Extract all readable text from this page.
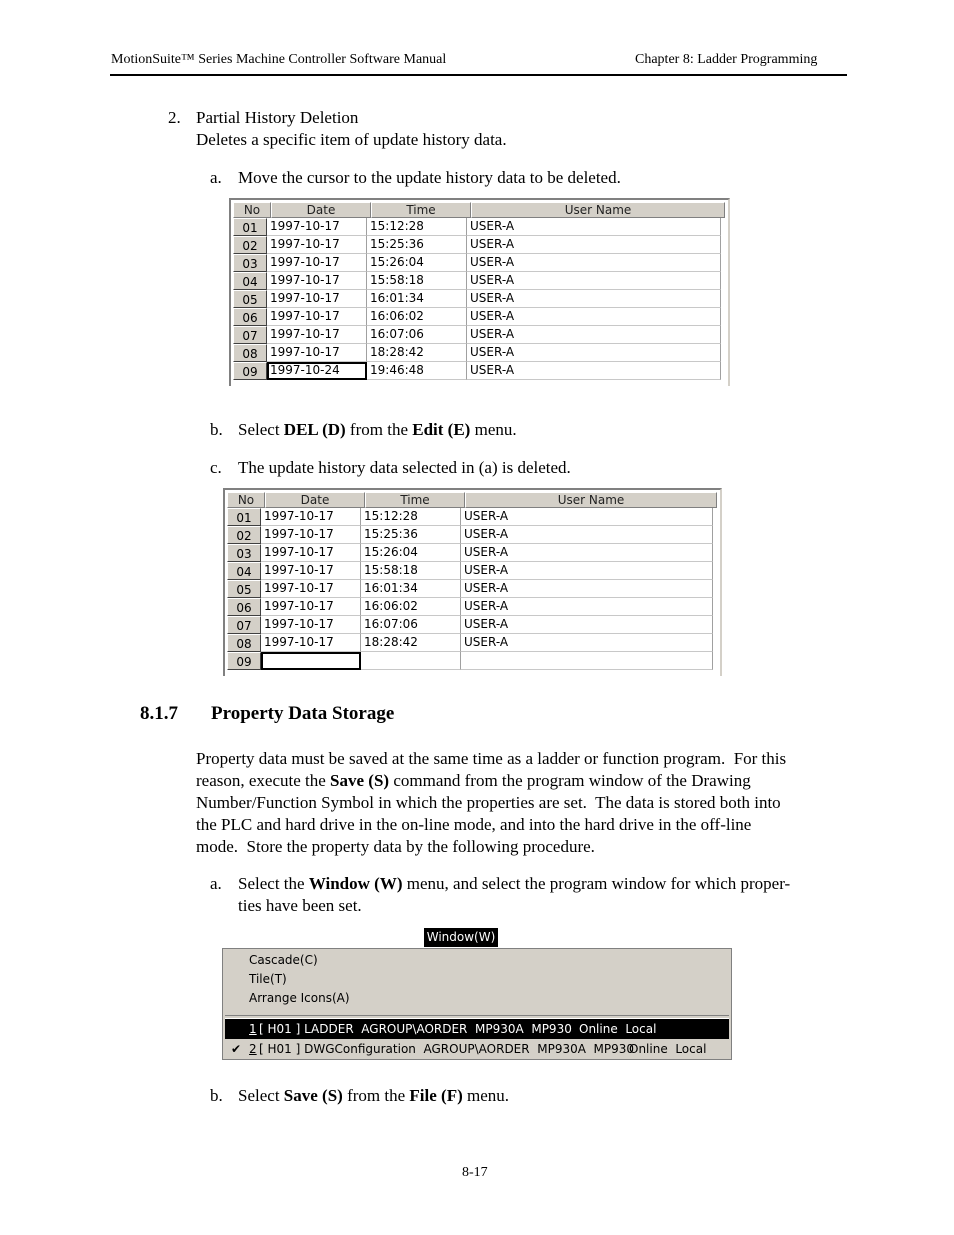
MotionSuite™ Series Machine Controller Software Manual	Chapter 8: Ladder Programming
2. Partial History Deletion
Deletes a specific item of update history data.
a. Move the cursor to the update history data to be deleted.
No	Date	Time	User Name
01	1997-10-17	15:12:28	USER-A
02	1997-10-17	15:25:36	USER-A
03	1997-10-17	15:26:04	USER-A
04	1997-10-17	15:58:18	USER-A
05	1997-10-17	16:01:34	USER-A
06	1997-10-17	16:06:02	USER-A
07	1997-10-17	16:07:06	USER-A
08	1997-10-17	18:28:42	USER-A
09	1997-10-24	19:46:48	USER-A
b. Select DEL (D) from the Edit (E) menu.
c. The update history data selected in (a) is deleted.
No	Date	Time	User Name
01	1997-10-17	15:12:28	USER-A
02	1997-10-17	15:25:36	USER-A
03	1997-10-17	15:26:04	USER-A
04	1997-10-17	15:58:18	USER-A
05	1997-10-17	16:01:34	USER-A
06	1997-10-17	16:06:02	USER-A
07	1997-10-17	16:07:06	USER-A
08	1997-10-17	18:28:42	USER-A
09
8.1.7 Property Data Storage
Property data must be saved at the same time as a ladder or function program.  For this
reason, execute the Save (S) command from the program window of the Drawing
Number/Function Symbol in which the properties are set.  The data is stored both into
the PLC and hard drive in the on-line mode, and into the hard drive in the off-line
mode.  Store the property data by the following procedure.
a. Select the Window (W) menu, and select the program window for which proper-
ties have been set.
Window(W)
Cascade(C)
Tile(T)
Arrange Icons(A)
1 [ H01 ] LADDER  AGROUP\AORDER  MP930A  MP930 Online  Local
✔ 2 [ H01 ] DWGConfiguration  AGROUP\AORDER  MP930A  MP930
Online  Local
b. Select Save (S) from the File (F) menu.
8-17
